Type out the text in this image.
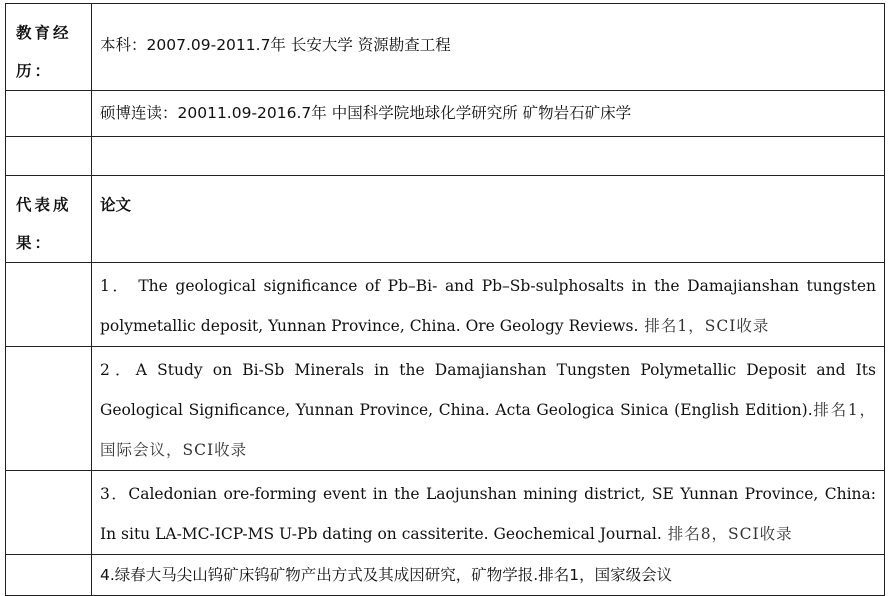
教育经
历：	本科：2007.09-2011.7年 长安大学 资源勘查工程
	硕博连读：20011.09-2016.7年 中国科学院地球化学研究所 矿物岩石矿床学

代表成
果：	论文
	1． The geological significance of Pb–Bi- and Pb–Sb-sulphosalts in the Damajianshan tungsten polymetallic deposit, Yunnan Province, China. Ore Geology Reviews. 排名1，SCI收录
	2．A Study on Bi-Sb Minerals in the Damajianshan Tungsten Polymetallic Deposit and Its Geological Significance, Yunnan Province, China. Acta Geologica Sinica (English Edition).排名1，国际会议，SCI收录
	3．Caledonian ore-forming event in the Laojunshan mining district, SE Yunnan Province, China: In situ LA-MC-ICP-MS U-Pb dating on cassiterite. Geochemical Journal. 排名8，SCI收录
	4.绿春大马尖山钨矿床钨矿物产出方式及其成因研究，矿物学报.排名1，国家级会议
